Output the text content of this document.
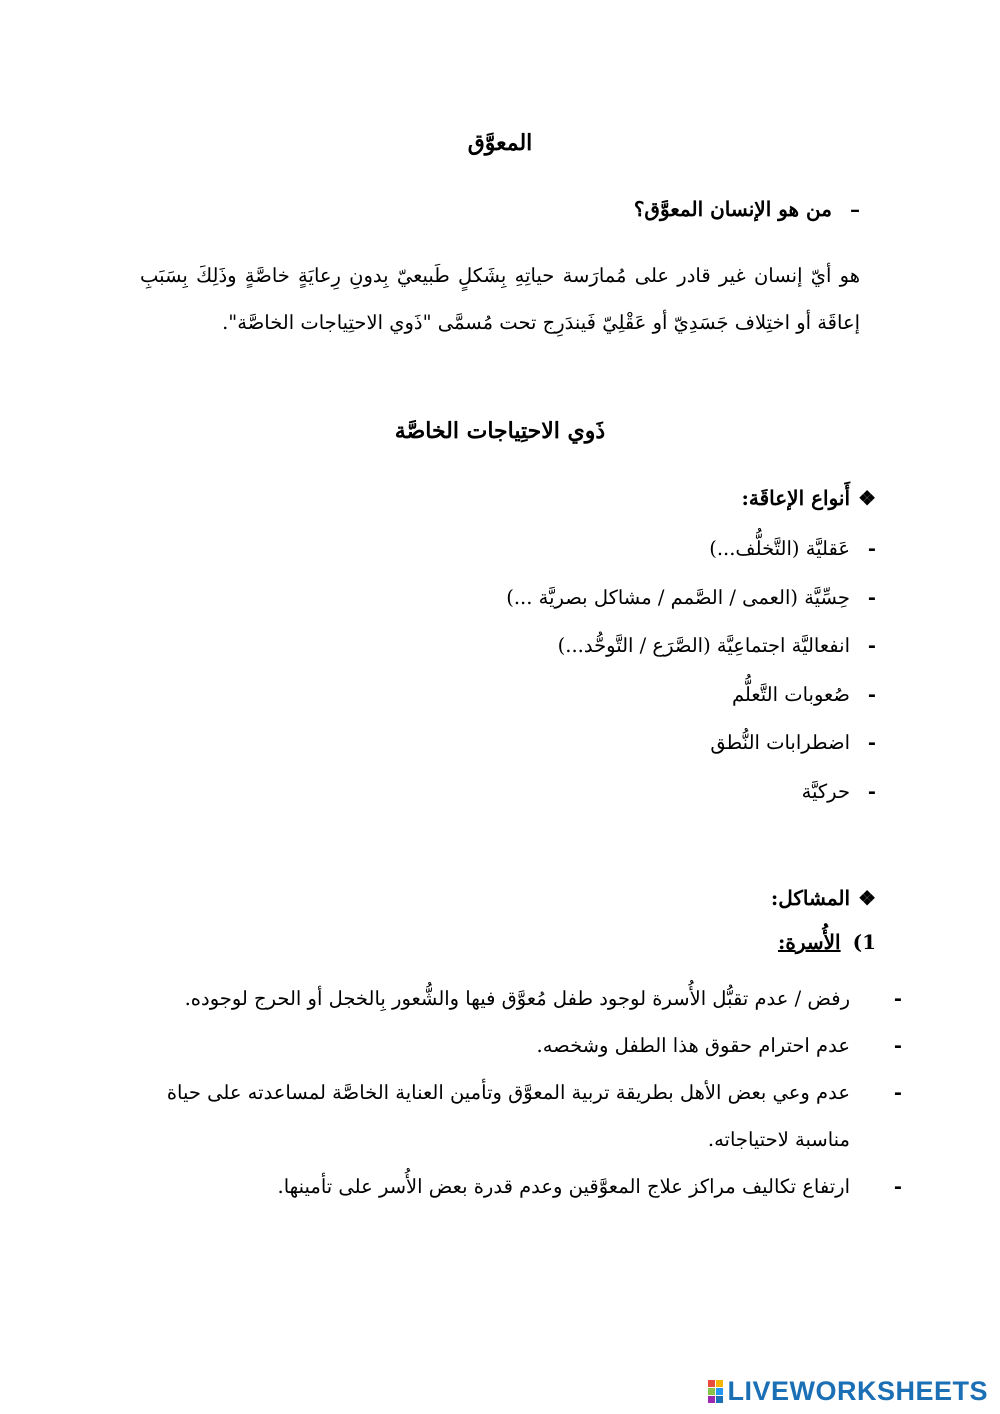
المعوَّق
–من هو الإنسان المعوَّق؟
هو أيّ إنسان غير قادر على مُمارَسة حياتِهِ بِشَكلٍ طَبيعيّ بِدونِ رِعايَةٍ خاصَّةٍ وذَلِكَ بِسَبَبِ إعاقَة أو اختِلاف جَسَدِيّ أو عَقْلِيّ فَيندَرِج تحت مُسمَّى "ذَوي الاحتِياجات الخاصَّة".
ذَوي الاحتِياجات الخاصَّة
❖أَنواع الإعاقَة:
-عَقليَّة (التَّخلُّف...)
-حِسِّيَّة (العمى / الصَّمم / مشاكل بصريَّة ...)
-انفعاليَّة اجتماعِيَّة (الصَّرَع / التَّوحُّد...)
-صُعوبات التَّعلُّم
-اضطرابات النُّطق
-حركيَّة
❖المشاكل:
1)الأُسرة:
-رفض / عدم تقبُّل الأُسرة لوجود طفل مُعوَّق فيها والشُّعور بِالخجل أو الحرج لوجوده.
-عدم احترام حقوق هذا الطفل وشخصه.
-عدم وعي بعض الأهل بطريقة تربية المعوَّق وتأمين العناية الخاصَّة لمساعدته على حياة مناسبة لاحتياجاته.
-ارتفاع تكاليف مراكز علاج المعوَّقين وعدم قدرة بعض الأُسر على تأمينها.
LIVEWORKSHEETS
